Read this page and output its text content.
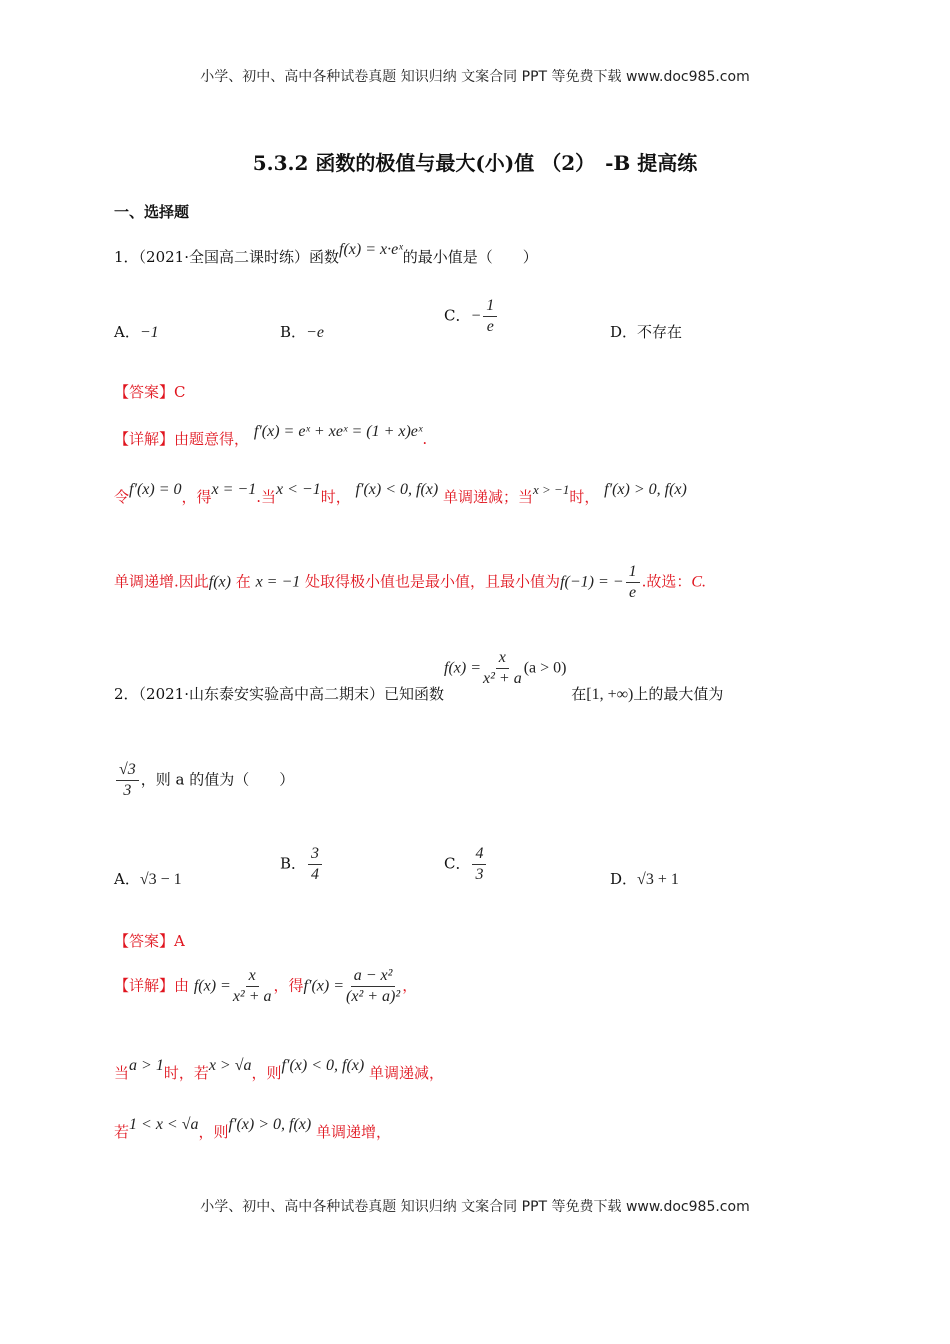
小学、初中、高中各种试卷真题 知识归纳 文案合同 PPT 等免费下载 www.doc985.com
5.3.2 函数的极值与最大(小)值 （2）　-B 提高练
一、选择题
1．（2021·全国高二课时练）函数f(x) = x·eˣ的最小值是（　　）
A．−1	B．−e
C．− $\frac{1}{e}$	D．不存在
【答案】C
【详解】由题意得， f′(x) = eˣ + xeˣ = (1 + x)eˣ.
令f′(x) = 0，得x = −1.当x < −1时， f′(x) < 0, f(x) 单调递减；当x > −1时， f′(x) > 0, f(x)
单调递增.因此f(x) 在 x = −1 处取得极小值也是最小值，且最小值为f(−1) = − $\frac{1}{e}$ .故选：C.
2．（2021·山东泰安实验高中高二期末）已知函数$f(x) = \frac{x}{\text{x² + a}} (a > 0)$ 在[1, +∞)上的最大值为
$\frac{√3}{3}$ ，则 a 的值为（　　）
A．√3 − 1
B． $\frac{3}{4}$	C． $\frac{4}{3}$	D．√3 + 1
【答案】A
【详解】由 $f(x) = \frac{x}{\text{x² + a}}$ ，得$f'(x) = \frac{\text{a − x²}}{\text{(x² + a)²}}$ ，
当a > 1时，若x > √a，则f′(x) < 0, f(x) 单调递减，
若1 < x < √a，则f′(x) > 0, f(x) 单调递增，
小学、初中、高中各种试卷真题 知识归纳 文案合同 PPT 等免费下载 www.doc985.com
